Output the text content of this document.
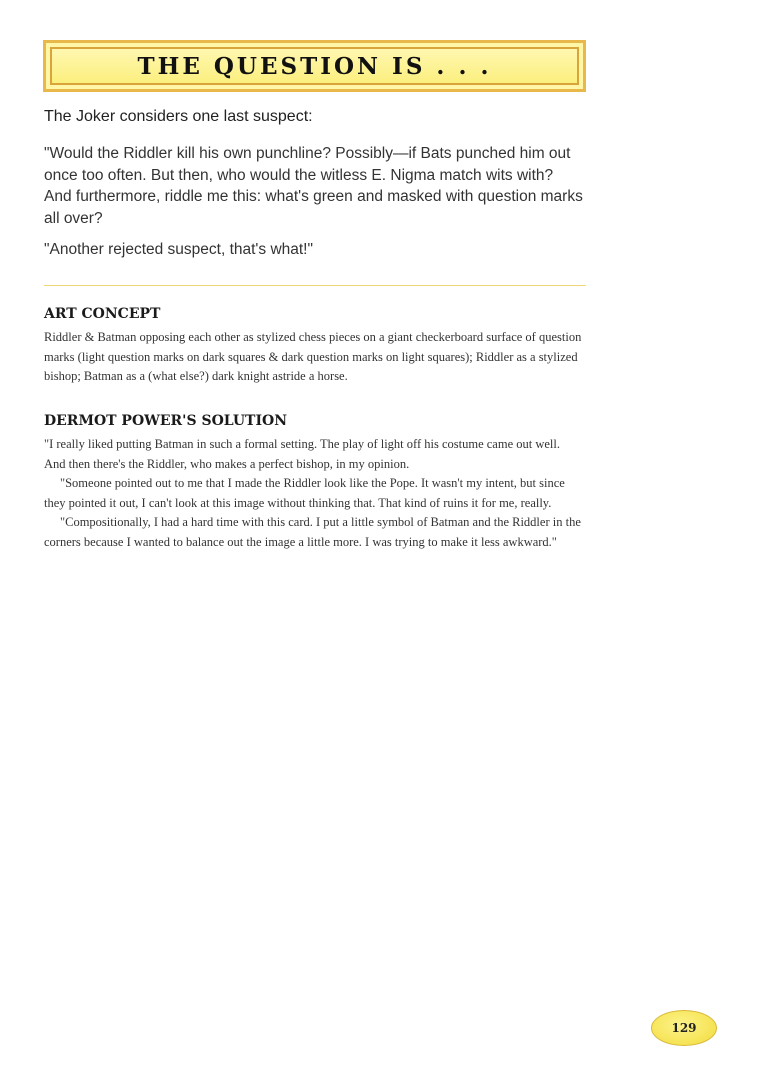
THE QUESTION IS . . .
The Joker considers one last suspect:

"Would the Riddler kill his own punchline? Possibly—if Bats punched him out once too often. But then, who would the witless E. Nigma match wits with? And furthermore, riddle me this: what's green and masked with question marks all over?

"Another rejected suspect, that's what!"

ART CONCEPT

Riddler & Batman opposing each other as stylized chess pieces on a giant checkerboard surface of question marks (light question marks on dark squares & dark question marks on light squares); Riddler as a stylized bishop; Batman as a (what else?) dark knight astride a horse.

DERMOT POWER'S SOLUTION

"I really liked putting Batman in such a formal setting. The play of light off his costume came out well. And then there's the Riddler, who makes a perfect bishop, in my opinion.

"Someone pointed out to me that I made the Riddler look like the Pope. It wasn't my intent, but since they pointed it out, I can't look at this image without thinking that. That kind of ruins it for me, really.

"Compositionally, I had a hard time with this card. I put a little symbol of Batman and the Riddler in the corners because I wanted to balance out the image a little more. I was trying to make it less awkward."

129
